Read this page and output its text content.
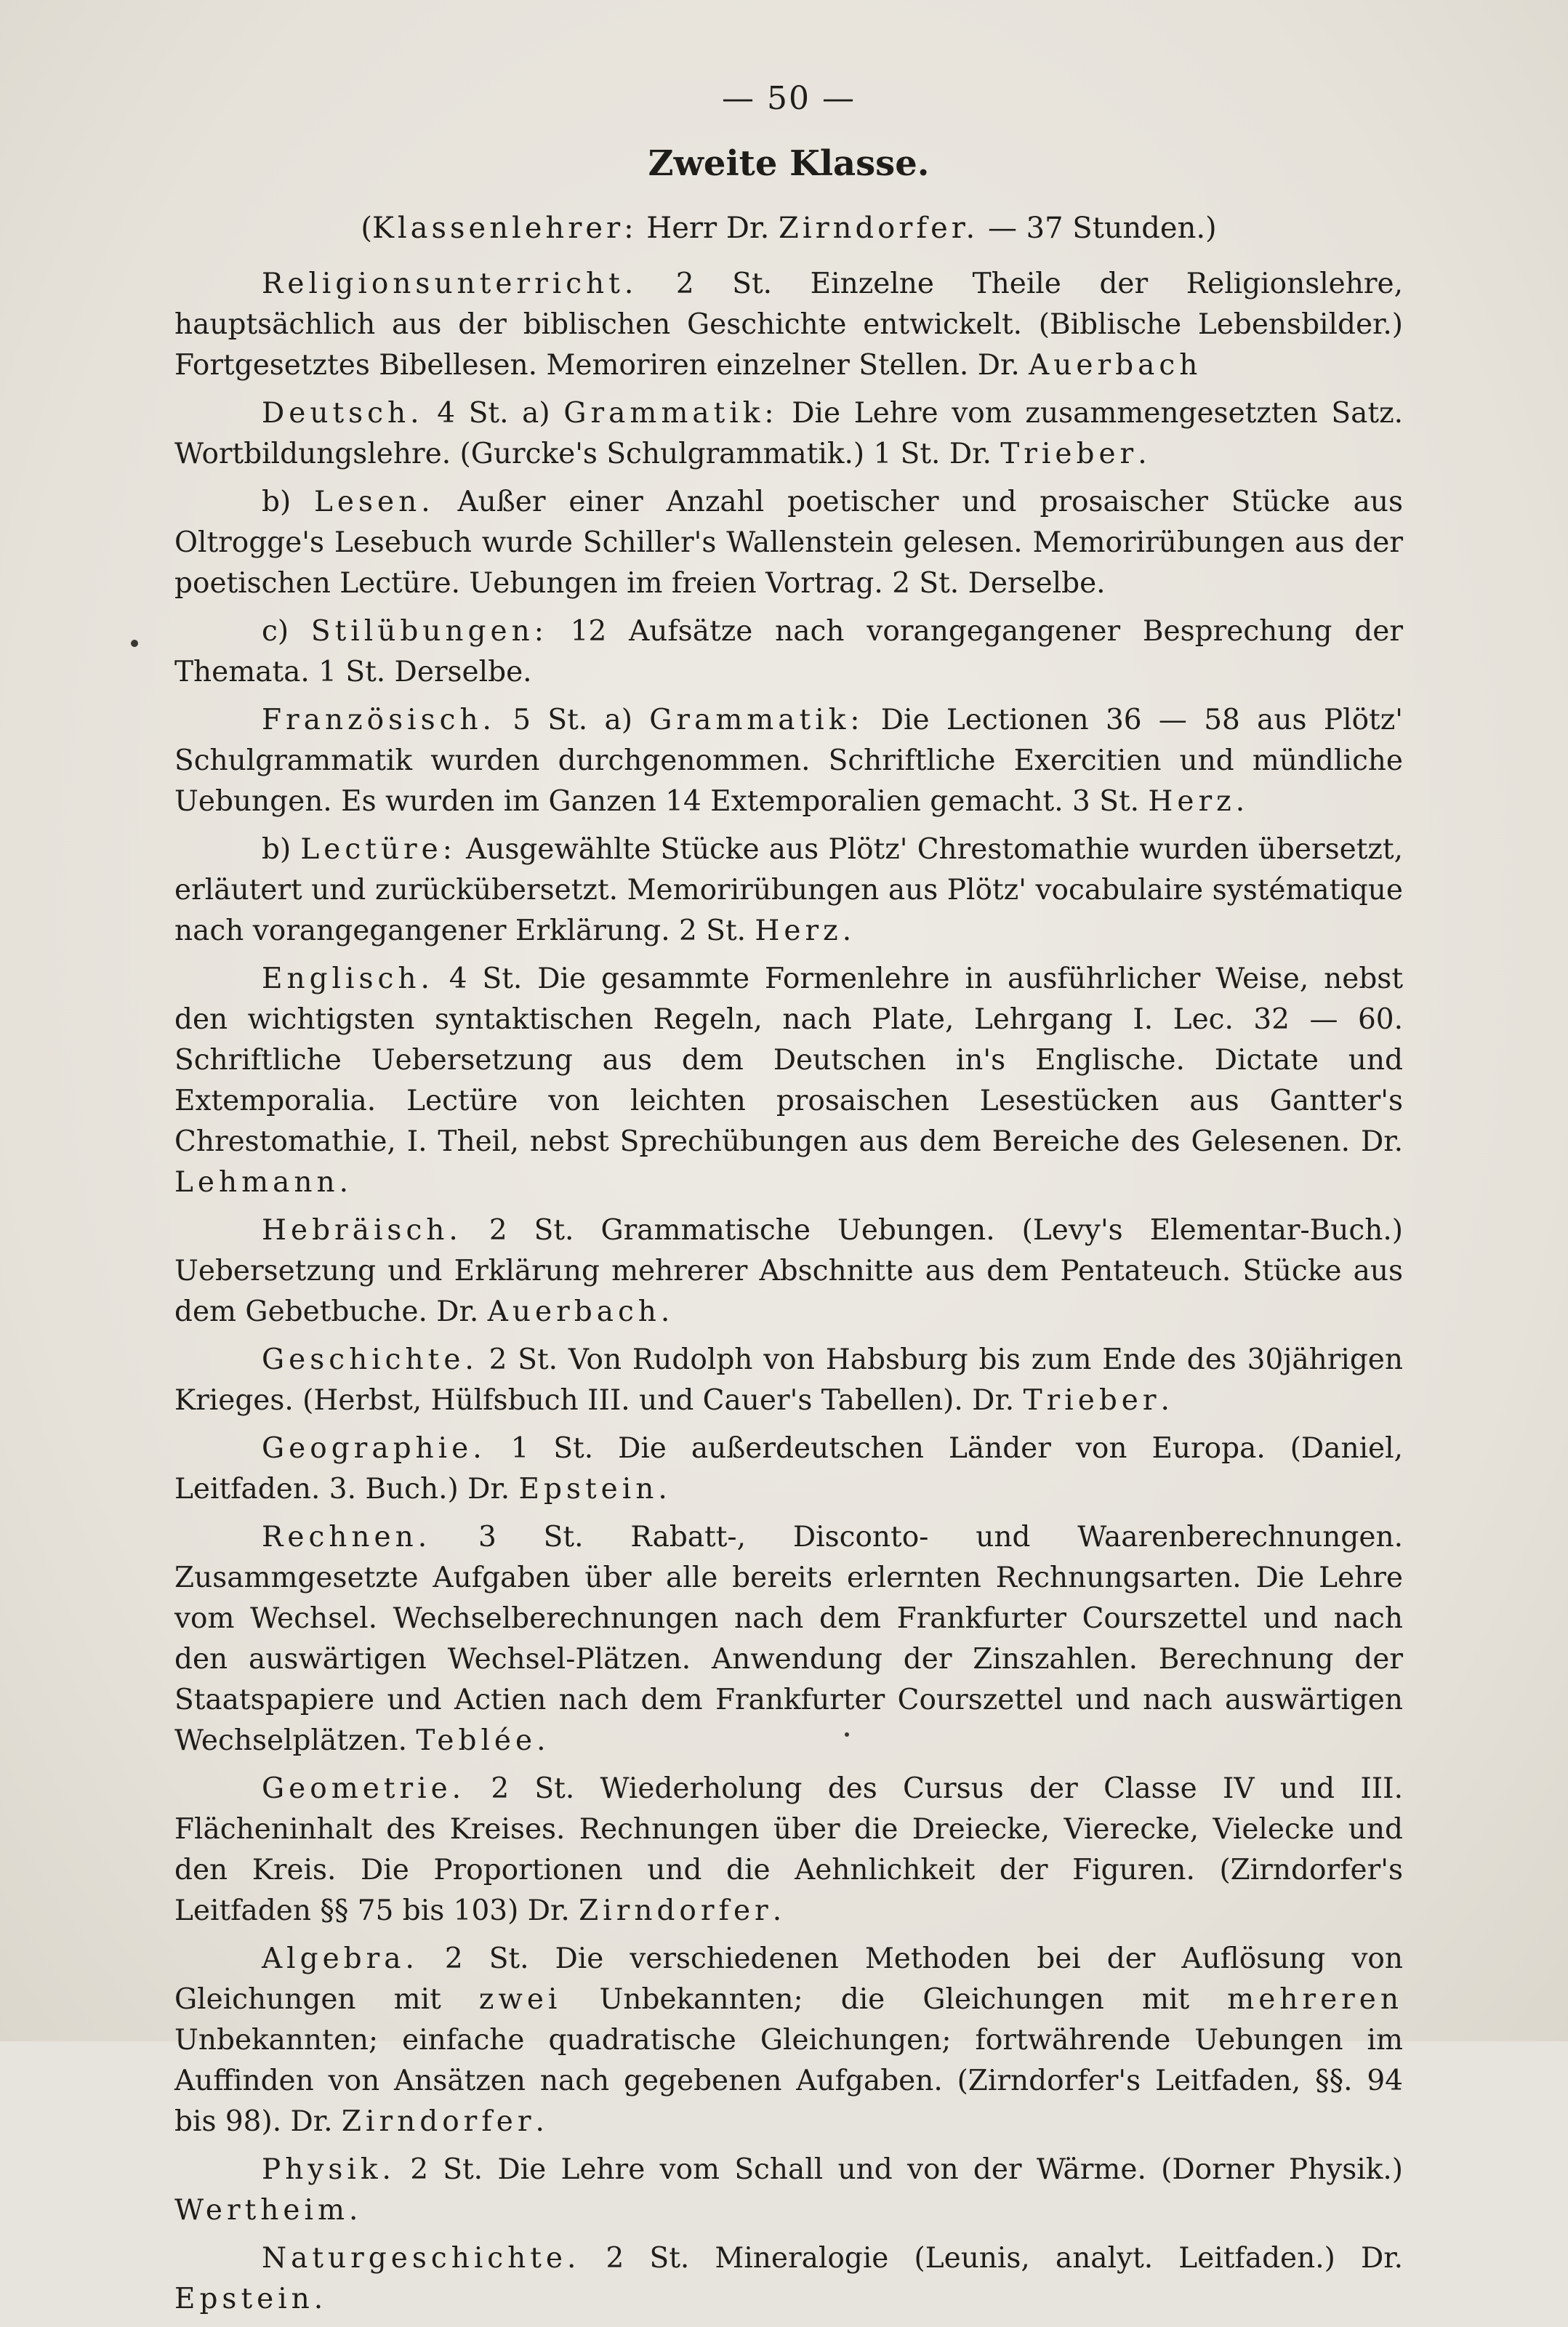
— 50 —
Zweite Klasse.
(Klassenlehrer: Herr Dr. Zirndorfer. — 37 Stunden.)

Religionsunterricht. 2 St. Einzelne Theile der Religionslehre, hauptsächlich aus der biblischen Geschichte entwickelt. (Biblische Lebensbilder.) Fortgesetztes Bibellesen. Memoriren einzelner Stellen. Dr. Auerbach

Deutsch. 4 St. a) Grammatik: Die Lehre vom zusammengesetzten Satz. Wortbildungslehre. (Gurcke's Schulgrammatik.) 1 St. Dr. Trieber.

b) Lesen. Außer einer Anzahl poetischer und prosaischer Stücke aus Oltrogge's Lesebuch wurde Schiller's Wallenstein gelesen. Memorirübungen aus der poetischen Lectüre. Uebungen im freien Vortrag. 2 St. Derselbe.

c) Stilübungen: 12 Aufsätze nach vorangegangener Besprechung der Themata. 1 St. Derselbe.

Französisch. 5 St. a) Grammatik: Die Lectionen 36 — 58 aus Plötz' Schulgrammatik wurden durchgenommen. Schriftliche Exercitien und mündliche Uebungen. Es wurden im Ganzen 14 Extemporalien gemacht. 3 St. Herz.

b) Lectüre: Ausgewählte Stücke aus Plötz' Chrestomathie wurden übersetzt, erläutert und zurückübersetzt. Memorirübungen aus Plötz' vocabulaire systématique nach vorangegangener Erklärung. 2 St. Herz.

Englisch. 4 St. Die gesammte Formenlehre in ausführlicher Weise, nebst den wichtigsten syntaktischen Regeln, nach Plate, Lehrgang I. Lec. 32 — 60. Schriftliche Uebersetzung aus dem Deutschen in's Englische. Dictate und Extemporalia. Lectüre von leichten prosaischen Lesestücken aus Gantter's Chrestomathie, I. Theil, nebst Sprechübungen aus dem Bereiche des Gelesenen. Dr. Lehmann.

Hebräisch. 2 St. Grammatische Uebungen. (Levy's Elementar-Buch.) Uebersetzung und Erklärung mehrerer Abschnitte aus dem Pentateuch. Stücke aus dem Gebetbuche. Dr. Auerbach.

Geschichte. 2 St. Von Rudolph von Habsburg bis zum Ende des 30jährigen Krieges. (Herbst, Hülfsbuch III. und Cauer's Tabellen). Dr. Trieber.

Geographie. 1 St. Die außerdeutschen Länder von Europa. (Daniel, Leitfaden. 3. Buch.) Dr. Epstein.

Rechnen. 3 St. Rabatt-, Disconto- und Waarenberechnungen. Zusammgesetzte Aufgaben über alle bereits erlernten Rechnungsarten. Die Lehre vom Wechsel. Wechselberechnungen nach dem Frankfurter Courszettel und nach den auswärtigen Wechsel-Plätzen. Anwendung der Zinszahlen. Berechnung der Staatspapiere und Actien nach dem Frankfurter Courszettel und nach auswärtigen Wechselplätzen. Teblée.

Geometrie. 2 St. Wiederholung des Cursus der Classe IV und III. Flächeninhalt des Kreises. Rechnungen über die Dreiecke, Vierecke, Vielecke und den Kreis. Die Proportionen und die Aehnlichkeit der Figuren. (Zirndorfer's Leitfaden §§ 75 bis 103) Dr. Zirndorfer.

Algebra. 2 St. Die verschiedenen Methoden bei der Auflösung von Gleichungen mit zwei Unbekannten; die Gleichungen mit mehreren Unbekannten; einfache quadratische Gleichungen; fortwährende Uebungen im Auffinden von Ansätzen nach gegebenen Aufgaben. (Zirndorfer's Leitfaden, §§. 94 bis 98). Dr. Zirndorfer.

Physik. 2 St. Die Lehre vom Schall und von der Wärme. (Dorner Physik.) Wertheim.

Naturgeschichte. 2 St. Mineralogie (Leunis, analyt. Leitfaden.) Dr. Epstein.
